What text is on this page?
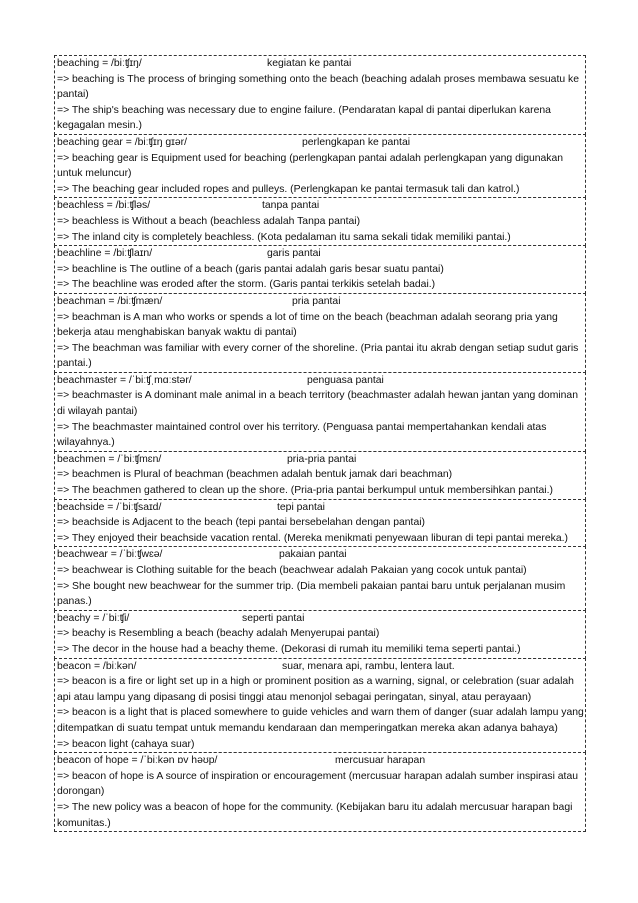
beaching = /biːʧɪŋ/	kegiatan ke pantai
=> beaching is The process of bringing something onto the beach (beaching adalah proses membawa sesuatu ke pantai)
=> The ship's beaching was necessary due to engine failure. (Pendaratan kapal di pantai diperlukan karena kegagalan mesin.)
beaching gear = /biːʧɪŋ ɡɪər/	perlengkapan ke pantai
=> beaching gear is Equipment used for beaching (perlengkapan pantai adalah perlengkapan yang digunakan untuk meluncur)
=> The beaching gear included ropes and pulleys. (Perlengkapan ke pantai termasuk tali dan katrol.)
beachless = /biːʧləs/	tanpa pantai
=> beachless is Without a beach (beachless adalah Tanpa pantai)
=> The inland city is completely beachless. (Kota pedalaman itu sama sekali tidak memiliki pantai.)
beachline = /biːʧlaɪn/	garis pantai
=> beachline is The outline of a beach (garis pantai adalah garis besar suatu pantai)
=> The beachline was eroded after the storm. (Garis pantai terkikis setelah badai.)
beachman = /biːʧmæn/	pria pantai
=> beachman is A man who works or spends a lot of time on the beach (beachman adalah seorang pria yang bekerja atau menghabiskan banyak waktu di pantai)
=> The beachman was familiar with every corner of the shoreline. (Pria pantai itu akrab dengan setiap sudut garis pantai.)
beachmaster = /ˈbiːʧˌmɑːstər/	penguasa pantai
=> beachmaster is A dominant male animal in a beach territory (beachmaster adalah hewan jantan yang dominan di wilayah pantai)
=> The beachmaster maintained control over his territory. (Penguasa pantai mempertahankan kendali atas wilayahnya.)
beachmen = /ˈbiːʧmɛn/	pria-pria pantai
=> beachmen is Plural of beachman (beachmen adalah bentuk jamak dari beachman)
=> The beachmen gathered to clean up the shore. (Pria-pria pantai berkumpul untuk membersihkan pantai.)
beachside = /ˈbiːʧsaɪd/	tepi pantai
=> beachside is Adjacent to the beach (tepi pantai bersebelahan dengan pantai)
=> They enjoyed their beachside vacation rental. (Mereka menikmati penyewaan liburan di tepi pantai mereka.)
beachwear = /ˈbiːʧwɛə/	pakaian pantai
=> beachwear is Clothing suitable for the beach (beachwear adalah Pakaian yang cocok untuk pantai)
=> She bought new beachwear for the summer trip. (Dia membeli pakaian pantai baru untuk perjalanan musim panas.)
beachy = /ˈbiːʧi/	seperti pantai
=> beachy is Resembling a beach (beachy adalah Menyerupai pantai)
=> The decor in the house had a beachy theme. (Dekorasi di rumah itu memiliki tema seperti pantai.)
beacon = /biːkən/	suar, menara api, rambu, lentera laut.
=> beacon is a fire or light set up in a high or prominent position as a warning, signal, or celebration (suar adalah api atau lampu yang dipasang di posisi tinggi atau menonjol sebagai peringatan, sinyal, atau perayaan)
=> beacon is a light that is placed somewhere to guide vehicles and warn them of danger (suar adalah lampu yang ditempatkan di suatu tempat untuk memandu kendaraan dan memperingatkan mereka akan adanya bahaya)
=> beacon light (cahaya suar)
beacon of hope = /ˈbiːkən ɒv həʊp/	mercusuar harapan
=> beacon of hope is A source of inspiration or encouragement (mercusuar harapan adalah sumber inspirasi atau dorongan)
=> The new policy was a beacon of hope for the community. (Kebijakan baru itu adalah mercusuar harapan bagi komunitas.)
